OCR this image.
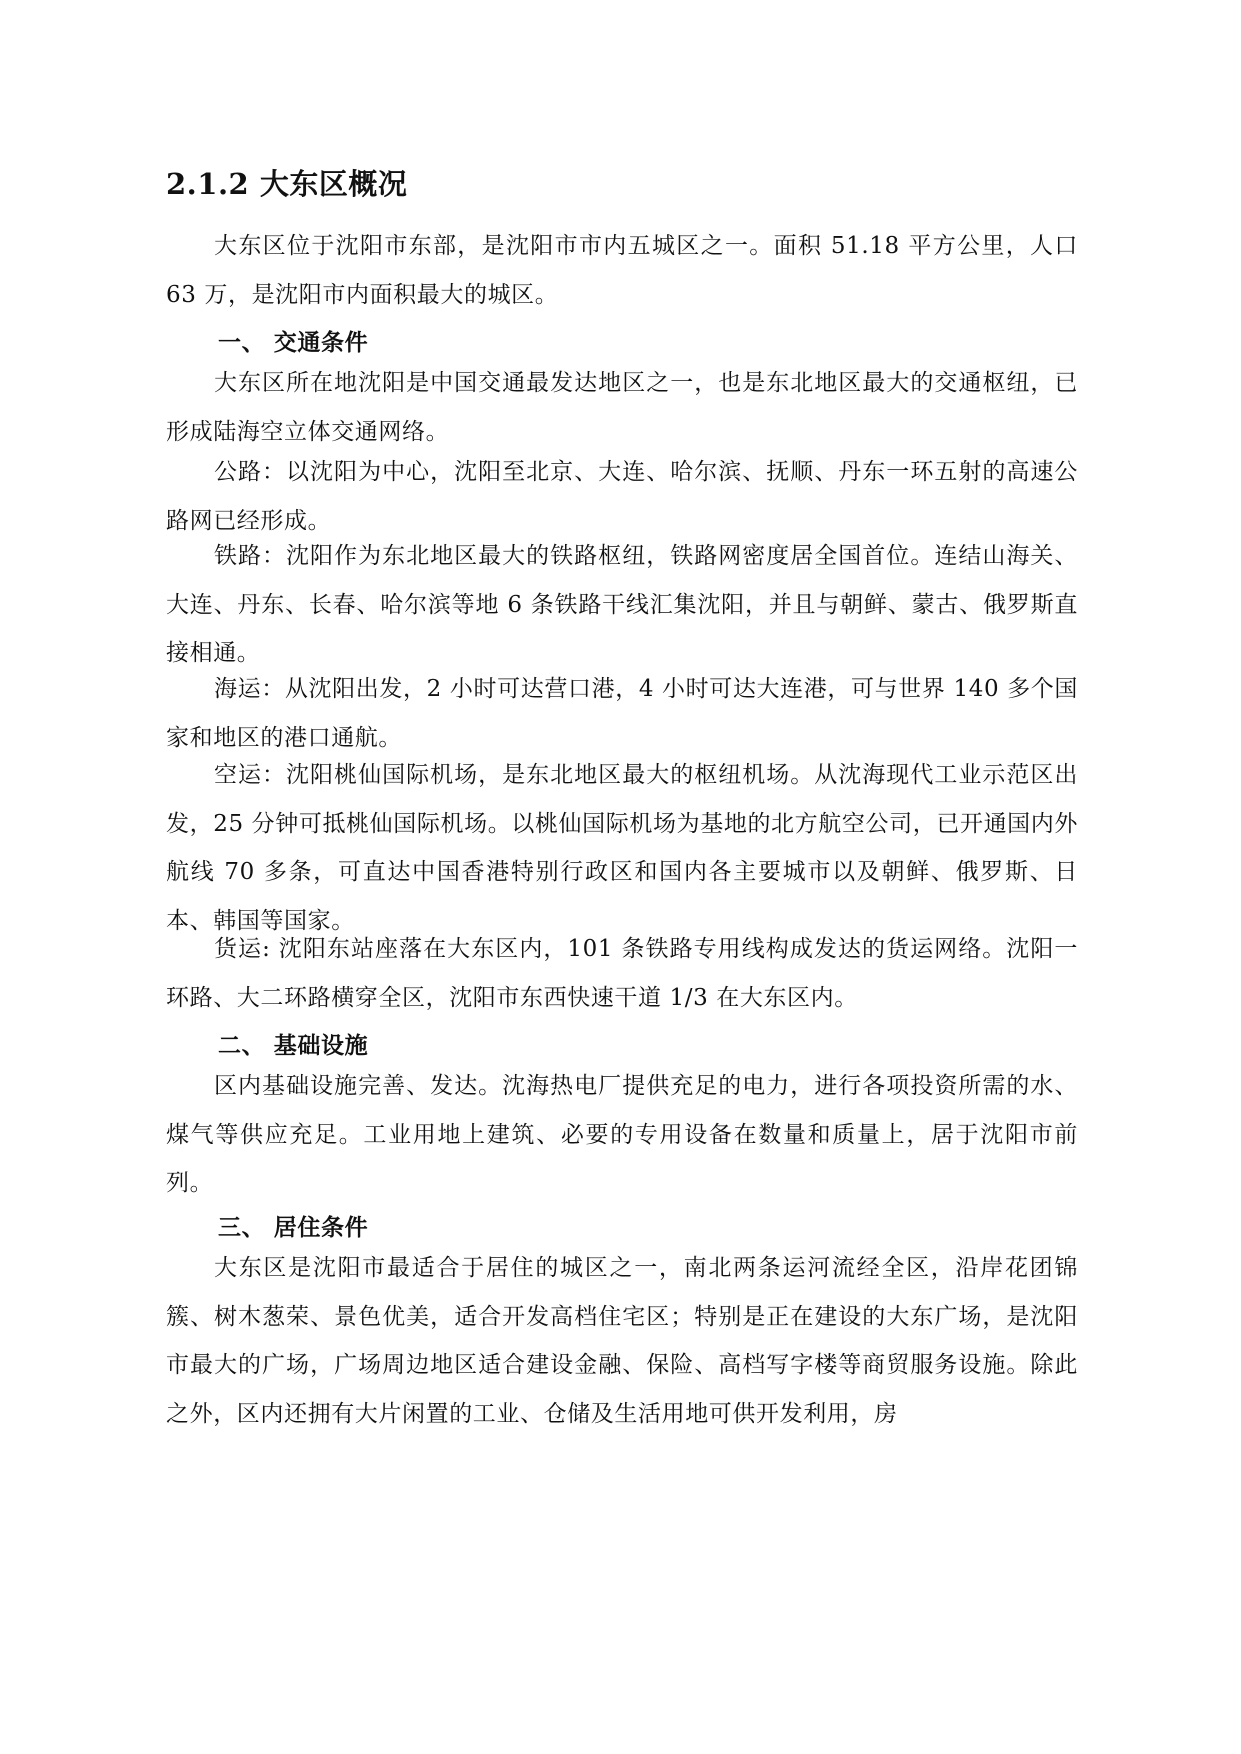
2.1.2 大东区概况

大东区位于沈阳市东部，是沈阳市市内五城区之一。面积 51.18 平方公里，人口 63 万，是沈阳市内面积最大的城区。

一、 交通条件

大东区所在地沈阳是中国交通最发达地区之一，也是东北地区最大的交通枢纽，已形成陆海空立体交通网络。

公路：以沈阳为中心，沈阳至北京、大连、哈尔滨、抚顺、丹东一环五射的高速公路网已经形成。

铁路：沈阳作为东北地区最大的铁路枢纽，铁路网密度居全国首位。连结山海关、大连、丹东、长春、哈尔滨等地 6 条铁路干线汇集沈阳，并且与朝鲜、蒙古、俄罗斯直接相通。

海运：从沈阳出发，2 小时可达营口港，4 小时可达大连港，可与世界 140 多个国家和地区的港口通航。

空运：沈阳桃仙国际机场，是东北地区最大的枢纽机场。从沈海现代工业示范区出发，25 分钟可抵桃仙国际机场。以桃仙国际机场为基地的北方航空公司，已开通国内外航线 70 多条，可直达中国香港特别行政区和国内各主要城市以及朝鲜、俄罗斯、日本、韩国等国家。

货运: 沈阳东站座落在大东区内，101 条铁路专用线构成发达的货运网络。沈阳一环路、大二环路横穿全区，沈阳市东西快速干道 1/3 在大东区内。

二、 基础设施

区内基础设施完善、发达。沈海热电厂提供充足的电力，进行各项投资所需的水、煤气等供应充足。工业用地上建筑、必要的专用设备在数量和质量上，居于沈阳市前列。

三、 居住条件

大东区是沈阳市最适合于居住的城区之一，南北两条运河流经全区，沿岸花团锦簇、树木葱荣、景色优美，适合开发高档住宅区；特别是正在建设的大东广场，是沈阳市最大的广场，广场周边地区适合建设金融、保险、高档写字楼等商贸服务设施。除此之外，区内还拥有大片闲置的工业、仓储及生活用地可供开发利用，房
